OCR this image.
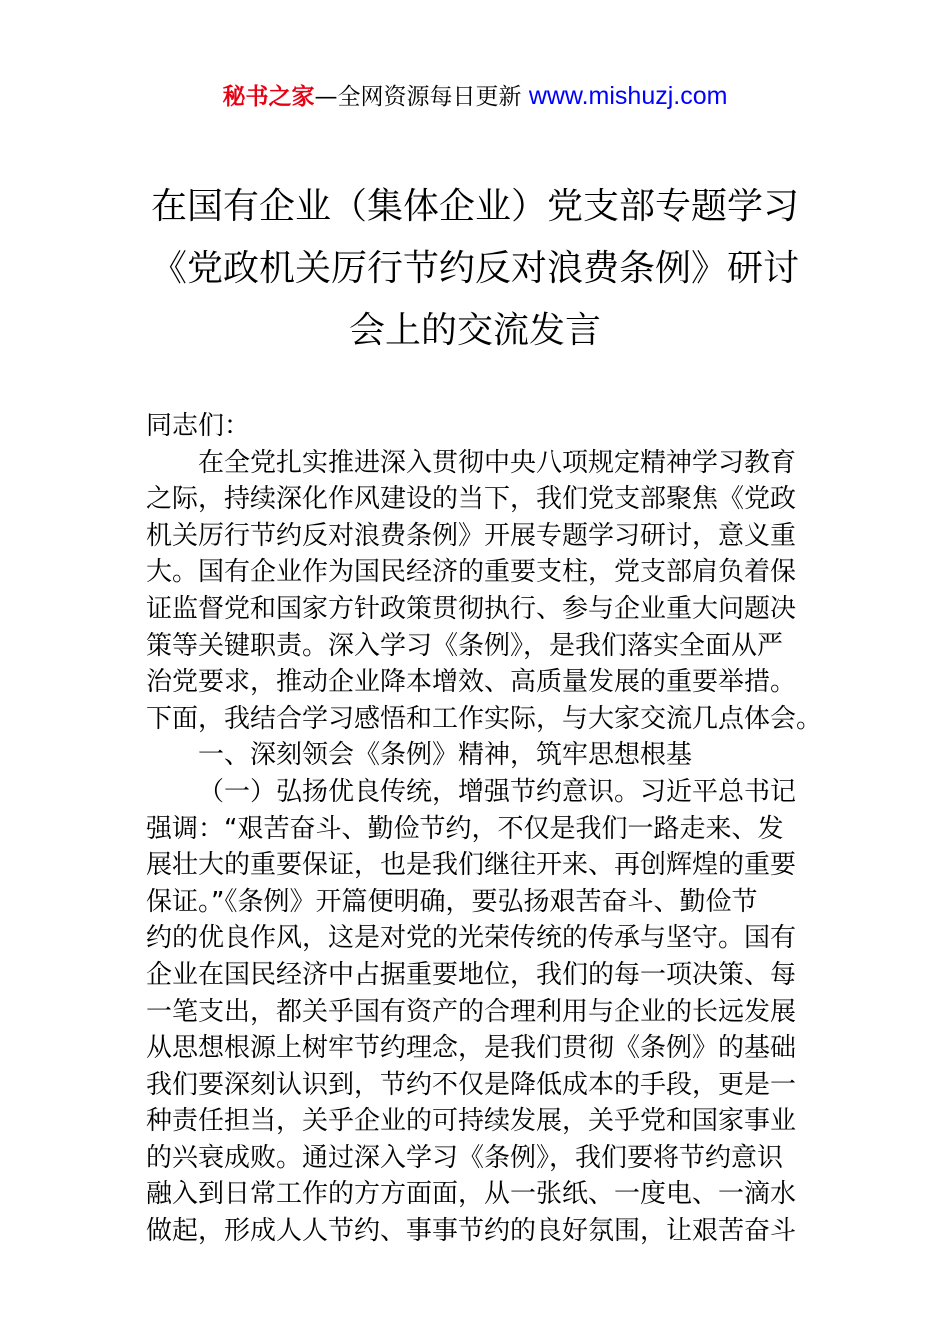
秘书之家—全网资源每日更新 www.mishuzj.com
在国有企业（集体企业）党支部专题学习
《党政机关厉行节约反对浪费条例》研讨
会上的交流发言
同志们：
在全党扎实推进深入贯彻中央八项规定精神学习教育
之际，持续深化作风建设的当下，我们党支部聚焦《党政
机关厉行节约反对浪费条例》开展专题学习研讨，意义重
大。国有企业作为国民经济的重要支柱，党支部肩负着保
证监督党和国家方针政策贯彻执行、参与企业重大问题决
策等关键职责。深入学习《条例》，是我们落实全面从严
治党要求，推动企业降本增效、高质量发展的重要举措。
下面，我结合学习感悟和工作实际，与大家交流几点体会。
一、深刻领会《条例》精神，筑牢思想根基
（一）弘扬优良传统，增强节约意识。习近平总书记
强调：“艰苦奋斗、勤俭节约，不仅是我们一路走来、发
展壮大的重要保证，也是我们继往开来、再创辉煌的重要
保证。”《条例》开篇便明确，要弘扬艰苦奋斗、勤俭节
约的优良作风，这是对党的光荣传统的传承与坚守。国有
企业在国民经济中占据重要地位，我们的每一项决策、每
一笔支出，都关乎国有资产的合理利用与企业的长远发展
从思想根源上树牢节约理念，是我们贯彻《条例》的基础
我们要深刻认识到，节约不仅是降低成本的手段，更是一
种责任担当，关乎企业的可持续发展，关乎党和国家事业
的兴衰成败。通过深入学习《条例》，我们要将节约意识
融入到日常工作的方方面面，从一张纸、一度电、一滴水
做起，形成人人节约、事事节约的良好氛围，让艰苦奋斗
